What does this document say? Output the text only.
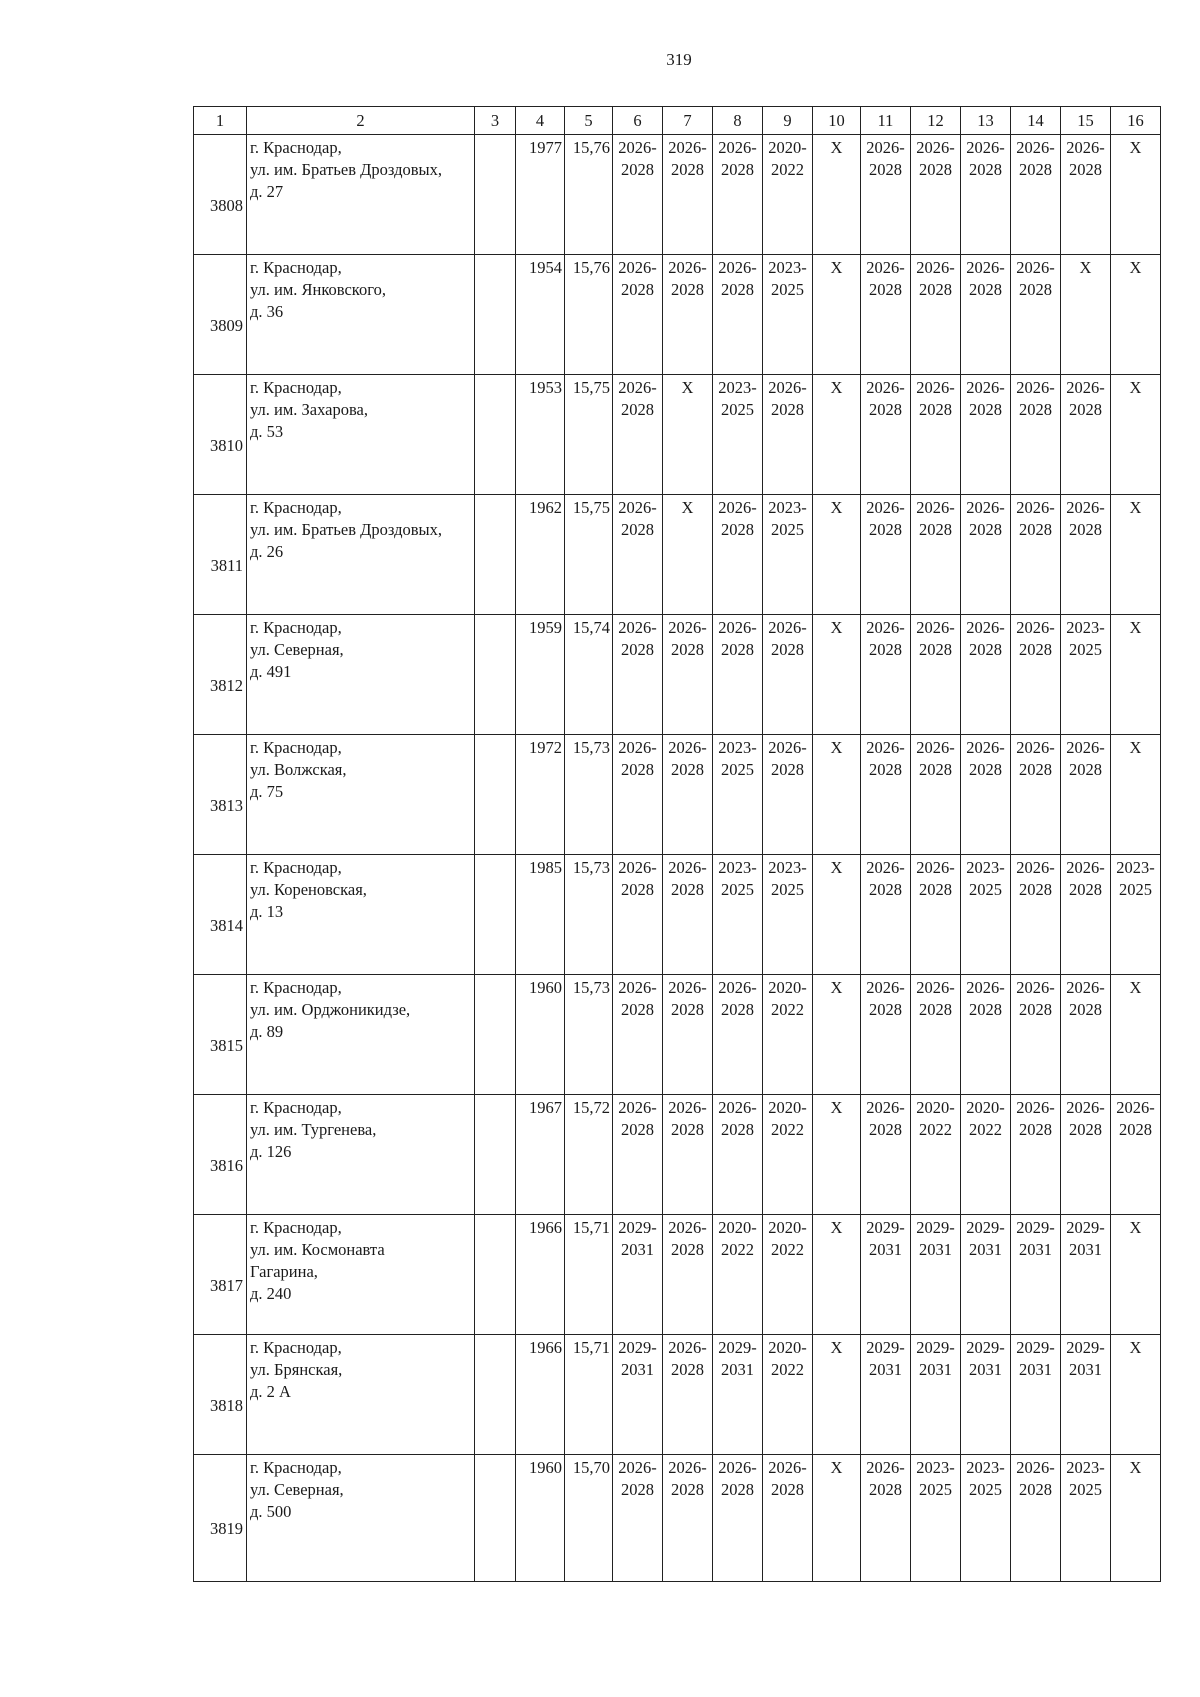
319
1	2	3	4	5	6	7	8	9	10	11	12	13	14	15	16
3808	г. Краснодар,
ул. им. Братьев Дроздовых,
д. 27		1977	15,76	2026-
2028	2026-
2028	2026-
2028	2020-
2022	X	2026-
2028	2026-
2028	2026-
2028	2026-
2028	2026-
2028	X

3809	г. Краснодар,
ул. им. Янковского,
д. 36		1954	15,76	2026-
2028	2026-
2028	2026-
2028	2023-
2025	X	2026-
2028	2026-
2028	2026-
2028	2026-
2028	X	X

3810	г. Краснодар,
ул. им. Захарова,
д. 53		1953	15,75	2026-
2028	X	2023-
2025	2026-
2028	X	2026-
2028	2026-
2028	2026-
2028	2026-
2028	2026-
2028	X

3811	г. Краснодар,
ул. им. Братьев Дроздовых,
д. 26		1962	15,75	2026-
2028	X	2026-
2028	2023-
2025	X	2026-
2028	2026-
2028	2026-
2028	2026-
2028	2026-
2028	X

3812	г. Краснодар,
ул. Северная,
д. 491		1959	15,74	2026-
2028	2026-
2028	2026-
2028	2026-
2028	X	2026-
2028	2026-
2028	2026-
2028	2026-
2028	2023-
2025	X

3813	г. Краснодар,
ул. Волжская,
д. 75		1972	15,73	2026-
2028	2026-
2028	2023-
2025	2026-
2028	X	2026-
2028	2026-
2028	2026-
2028	2026-
2028	2026-
2028	X

3814	г. Краснодар,
ул. Кореновская,
д. 13		1985	15,73	2026-
2028	2026-
2028	2023-
2025	2023-
2025	X	2026-
2028	2026-
2028	2023-
2025	2026-
2028	2026-
2028	2023-
2025

3815	г. Краснодар,
ул. им. Орджоникидзе,
д. 89		1960	15,73	2026-
2028	2026-
2028	2026-
2028	2020-
2022	X	2026-
2028	2026-
2028	2026-
2028	2026-
2028	2026-
2028	X

3816	г. Краснодар,
ул. им. Тургенева,
д. 126		1967	15,72	2026-
2028	2026-
2028	2026-
2028	2020-
2022	X	2026-
2028	2020-
2022	2020-
2022	2026-
2028	2026-
2028	2026-
2028

3817	г. Краснодар,
ул. им. Космонавта
Гагарина,
д. 240		1966	15,71	2029-
2031	2026-
2028	2020-
2022	2020-
2022	X	2029-
2031	2029-
2031	2029-
2031	2029-
2031	2029-
2031	X

3818	г. Краснодар,
ул. Брянская,
д. 2 А		1966	15,71	2029-
2031	2026-
2028	2029-
2031	2020-
2022	X	2029-
2031	2029-
2031	2029-
2031	2029-
2031	2029-
2031	X

3819	г. Краснодар,
ул. Северная,
д. 500		1960	15,70	2026-
2028	2026-
2028	2026-
2028	2026-
2028	X	2026-
2028	2023-
2025	2023-
2025	2026-
2028	2023-
2025	X
